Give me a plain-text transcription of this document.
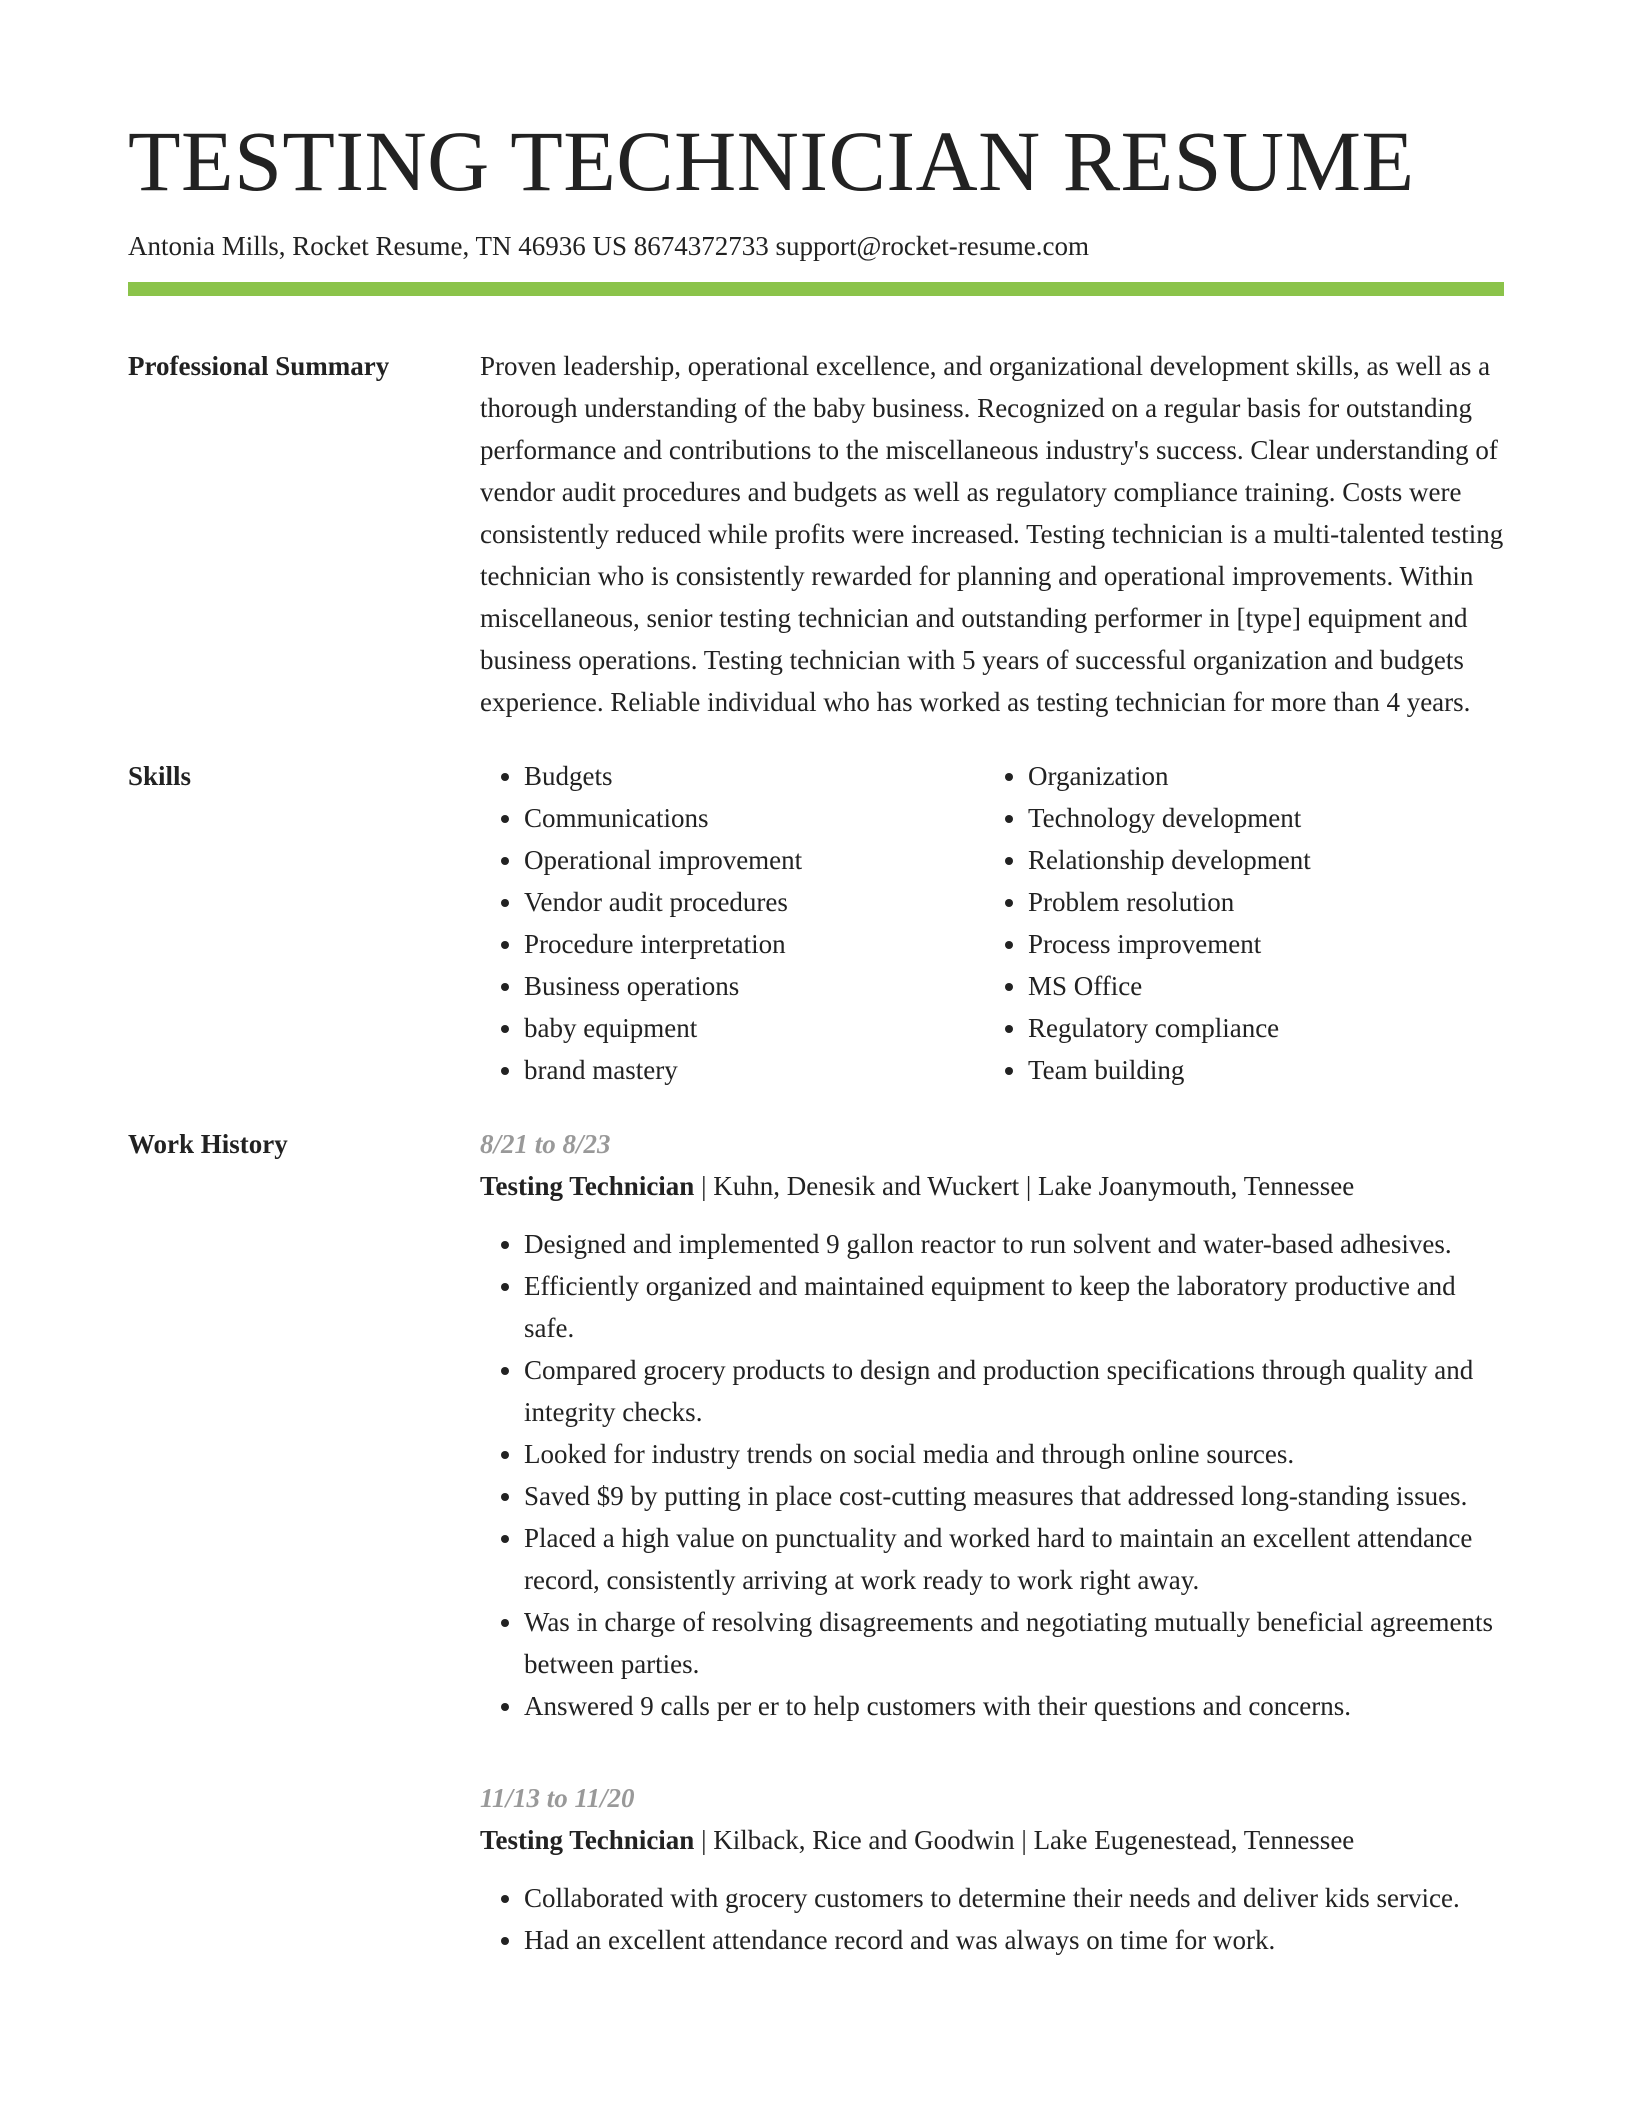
TESTING TECHNICIAN RESUME
Antonia Mills, Rocket Resume, TN 46936 US 8674372733 support@rocket-resume.com
Professional Summary	Proven leadership, operational excellence, and organizational development skills, as well as a thorough understanding of the baby business. Recognized on a regular basis for outstanding performance and contributions to the miscellaneous industry's success. Clear understanding of vendor audit procedures and budgets as well as regulatory compliance training. Costs were consistently reduced while profits were increased. Testing technician is a multi-talented testing technician who is consistently rewarded for planning and operational improvements. Within miscellaneous, senior testing technician and outstanding performer in [type] equipment and business operations. Testing technician with 5 years of successful organization and budgets experience. Reliable individual who has worked as testing technician for more than 4 years.
Skills
•	Budgets
• Communications
• Operational improvement
• Vendor audit procedures
• Procedure interpretation
• Business operations
• baby equipment
• brand mastery
• Organization
• Technology development
• Relationship development
• Problem resolution
• Process improvement
• MS Office
• Regulatory compliance
• Team building
Work History	8/21 to 8/23
Testing Technician | Kuhn, Denesik and Wuckert | Lake Joanymouth, Tennessee
• Designed and implemented 9 gallon reactor to run solvent and water-based adhesives.
• Efficiently organized and maintained equipment to keep the laboratory productive and safe.
• Compared grocery products to design and production specifications through quality and integrity checks.
• Looked for industry trends on social media and through online sources.
• Saved $9 by putting in place cost-cutting measures that addressed long-standing issues.
• Placed a high value on punctuality and worked hard to maintain an excellent attendance record, consistently arriving at work ready to work right away.
• Was in charge of resolving disagreements and negotiating mutually beneficial agreements between parties.
• Answered 9 calls per er to help customers with their questions and concerns.
11/13 to 11/20
Testing Technician | Kilback, Rice and Goodwin | Lake Eugenestead, Tennessee
• Collaborated with grocery customers to determine their needs and deliver kids service.
• Had an excellent attendance record and was always on time for work.
